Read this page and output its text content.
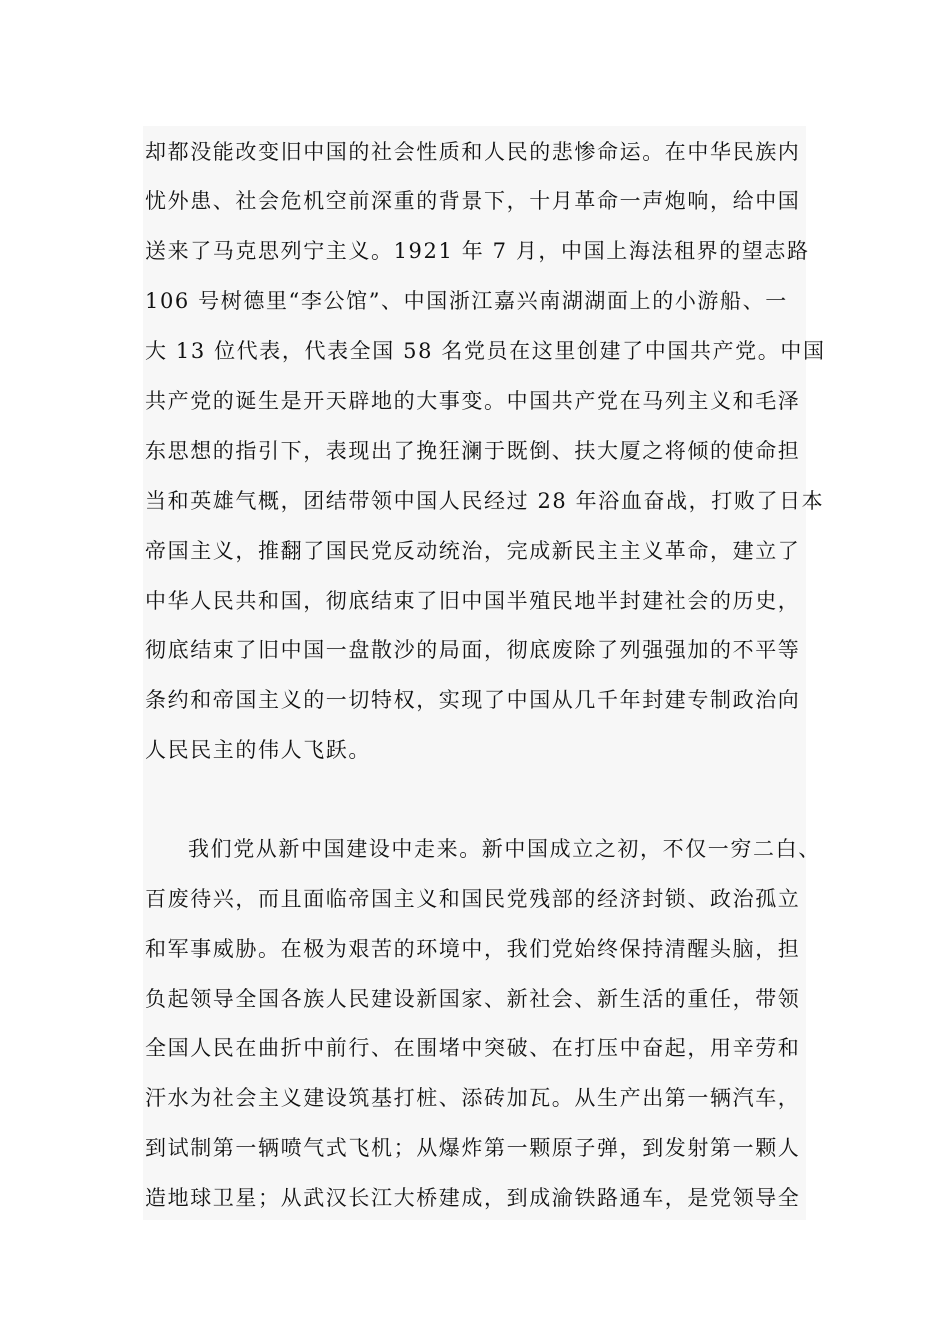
却都没能改变旧中国的社会性质和人民的悲惨命运。在中华民族内
忧外患、社会危机空前深重的背景下，十月革命一声炮响，给中国
送来了马克思列宁主义。1921 年 7 月，中国上海法租界的望志路
106 号树德里“李公馆”、中国浙江嘉兴南湖湖面上的小游船、一
大 13 位代表，代表全国 58 名党员在这里创建了中国共产党。中国
共产党的诞生是开天辟地的大事变。中国共产党在马列主义和毛泽
东思想的指引下，表现出了挽狂澜于既倒、扶大厦之将倾的使命担
当和英雄气概，团结带领中国人民经过 28 年浴血奋战，打败了日本
帝国主义，推翻了国民党反动统治，完成新民主主义革命，建立了
中华人民共和国，彻底结束了旧中国半殖民地半封建社会的历史，
彻底结束了旧中国一盘散沙的局面，彻底废除了列强强加的不平等
条约和帝国主义的一切特权，实现了中国从几千年封建专制政治向
人民民主的伟人飞跃。
我们党从新中国建设中走来。新中国成立之初，不仅一穷二白、
百废待兴，而且面临帝国主义和国民党残部的经济封锁、政治孤立
和军事威胁。在极为艰苦的环境中，我们党始终保持清醒头脑，担
负起领导全国各族人民建设新国家、新社会、新生活的重任，带领
全国人民在曲折中前行、在围堵中突破、在打压中奋起，用辛劳和
汗水为社会主义建设筑基打桩、添砖加瓦。从生产出第一辆汽车，
到试制第一辆喷气式飞机；从爆炸第一颗原子弹，到发射第一颗人
造地球卫星；从武汉长江大桥建成，到成渝铁路通车，是党领导全
